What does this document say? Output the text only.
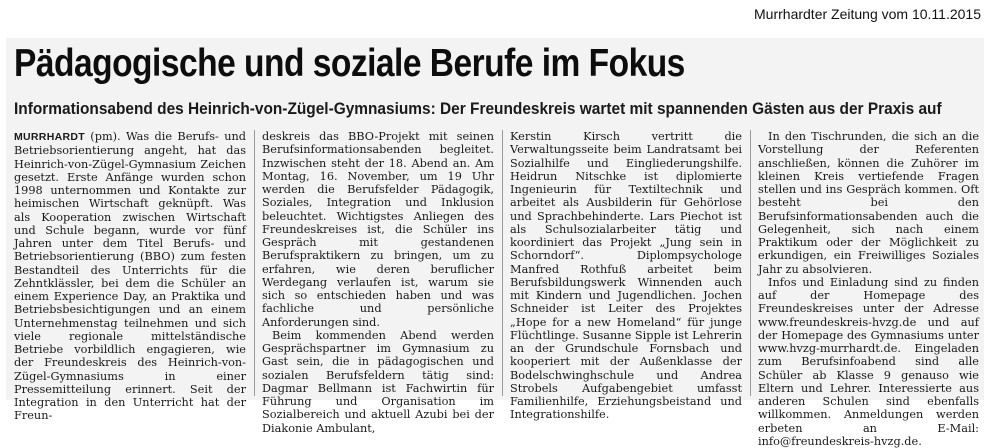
Murrhardter Zeitung vom 10.11.2015
Pädagogische und soziale Berufe im Fokus
Informationsabend des Heinrich-von-Zügel-Gymnasiums: Der Freundeskreis wartet mit spannenden Gästen aus der Praxis auf

MURRHARDT (pm). Was die Berufs- und Betriebsorientierung angeht, hat das Heinrich-von-Zügel-Gymnasium Zeichen gesetzt. Erste Anfänge wurden schon 1998 unternommen und Kontakte zur heimischen Wirtschaft geknüpft. Was als Kooperation zwischen Wirtschaft und Schule begann, wurde vor fünf Jahren unter dem Titel Berufs- und Betriebsorientierung (BBO) zum festen Bestandteil des Unterrichts für die Zehntklässler, bei dem die Schüler an einem Experience Day, an Praktika und Betriebsbesichtigungen und an einem Unternehmenstag teilnehmen und sich viele regionale mittelständische Betriebe vorbildlich engagieren, wie der Freundeskreis des Heinrich-von-Zügel-Gymnasiums in einer Pressemitteilung erinnert. Seit der Integration in den Unterricht hat der Freun-

deskreis das BBO-Projekt mit seinen Berufsinformationsabenden begleitet. Inzwischen steht der 18. Abend an. Am Montag, 16. November, um 19 Uhr werden die Berufsfelder Pädagogik, Soziales, Integration und Inklusion beleuchtet. Wichtigstes Anliegen des Freundeskreises ist, die Schüler ins Gespräch mit gestandenen Berufspraktikern zu bringen, um zu erfahren, wie deren beruflicher Werdegang verlaufen ist, warum sie sich so entschieden haben und was fachliche und persönliche Anforderungen sind.

Beim kommenden Abend werden Gesprächspartner im Gymnasium zu Gast sein, die in pädagogischen und sozialen Berufsfeldern tätig sind: Dagmar Bellmann ist Fachwirtin für Führung und Organisation im Sozialbereich und aktuell Azubi bei der Diakonie Ambulant,

Kerstin Kirsch vertritt die Verwaltungsseite beim Landratsamt bei Sozialhilfe und Eingliederungshilfe. Heidrun Nitschke ist diplomierte Ingenieurin für Textiltechnik und arbeitet als Ausbilderin für Gehörlose und Sprachbehinderte. Lars Piechot ist als Schulsozialarbeiter tätig und koordiniert das Projekt „Jung sein in Schorndorf“. Diplompsychologe Manfred Rothfuß arbeitet beim Berufsbildungswerk Winnenden auch mit Kindern und Jugendlichen. Jochen Schneider ist Leiter des Projektes „Hope for a new Homeland“ für junge Flüchtlinge. Susanne Sipple ist Lehrerin an der Grundschule Fornsbach und kooperiert mit der Außenklasse der Bodelschwinghschule und Andrea Strobels Aufgabengebiet umfasst Familienhilfe, Erziehungsbeistand und Integrationshilfe.

In den Tischrunden, die sich an die Vorstellung der Referenten anschließen, können die Zuhörer im kleinen Kreis vertiefende Fragen stellen und ins Gespräch kommen. Oft besteht bei den Berufsinformationsabenden auch die Gelegenheit, sich nach einem Praktikum oder der Möglichkeit zu erkundigen, ein Freiwilliges Soziales Jahr zu absolvieren.

Infos und Einladung sind zu finden auf der Homepage des Freundeskreises unter der Adresse www.freundeskreis-hvzg.de und auf der Homepage des Gymnasiums unter www.hvzg-murrhardt.de. Eingeladen zum Berufsinfoabend sind alle Schüler ab Klasse 9 genauso wie Eltern und Lehrer. Interessierte aus anderen Schulen sind ebenfalls willkommen. Anmeldungen werden erbeten an E-Mail: info@freundeskreis-hvzg.de.
